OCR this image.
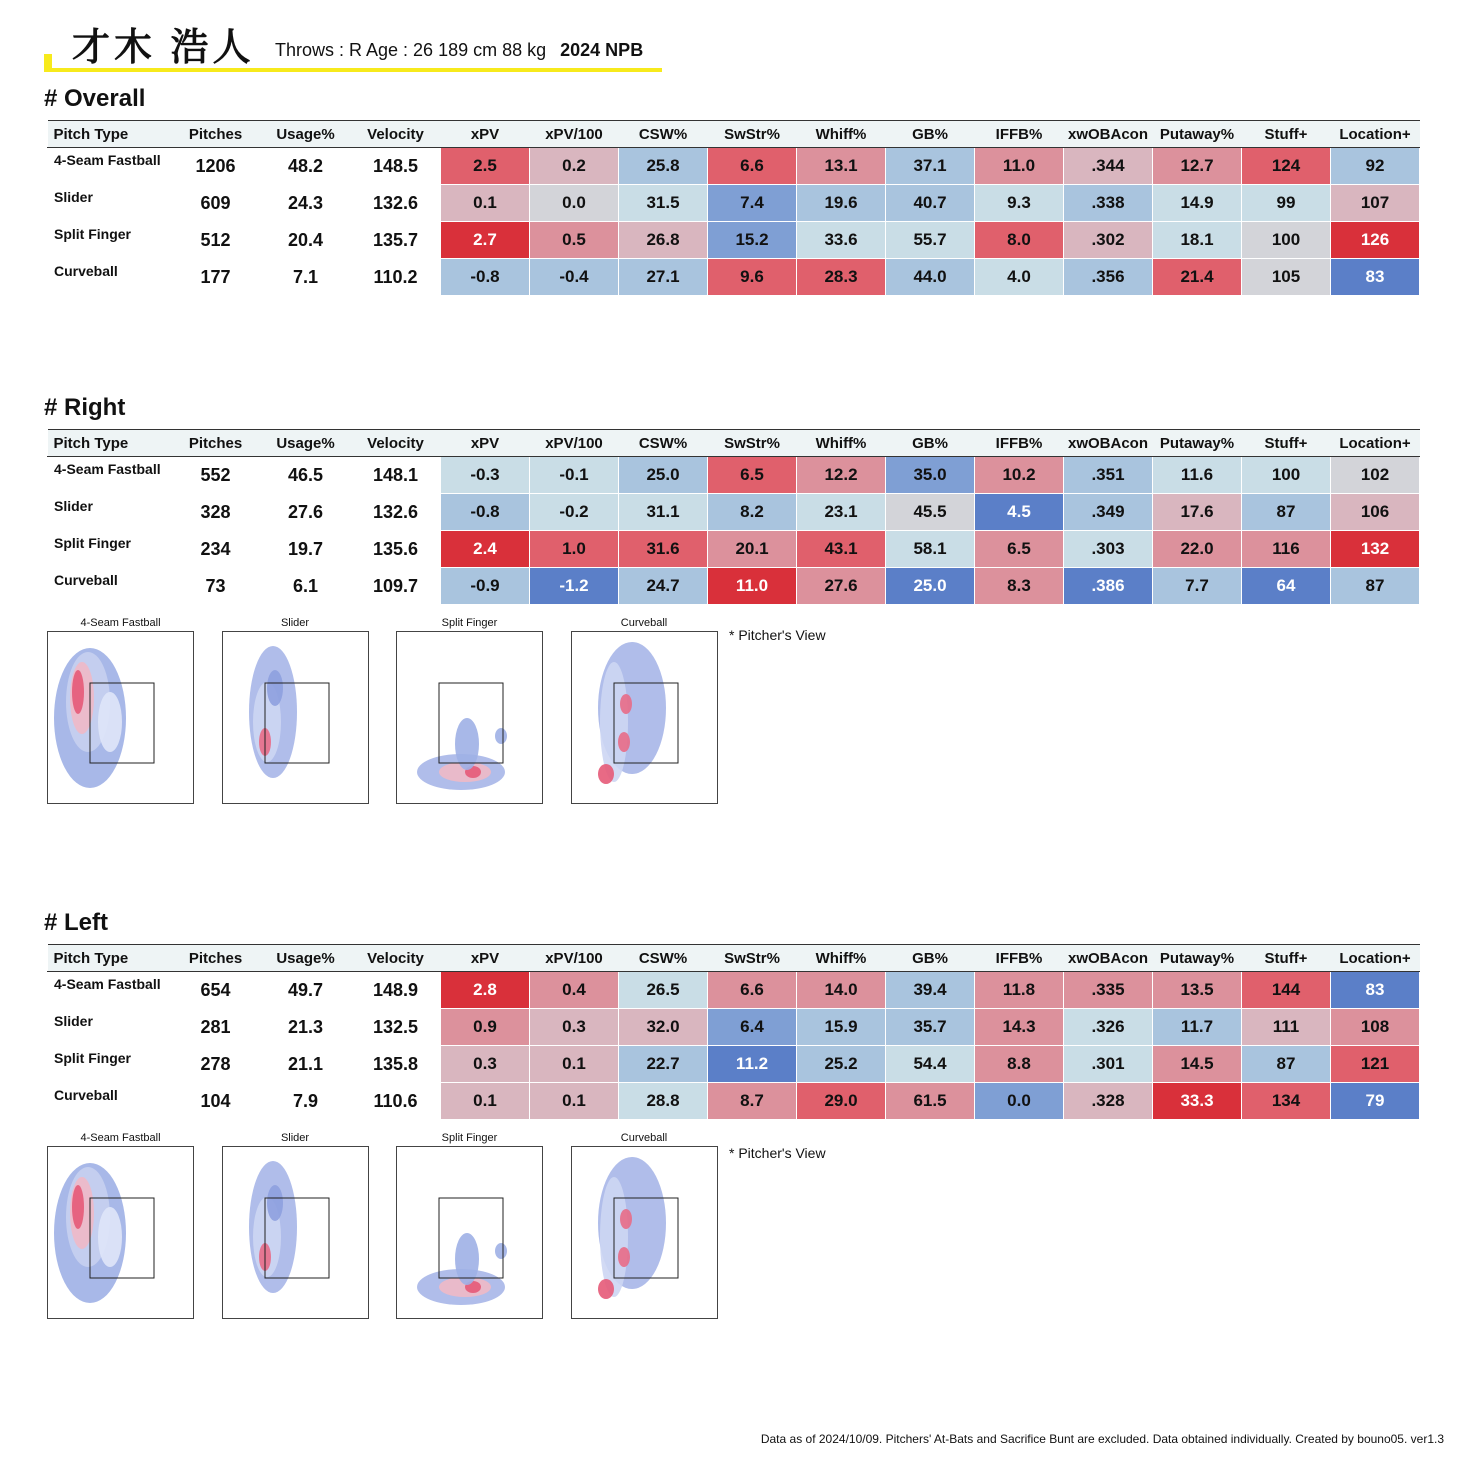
才木 浩人 Throws : R Age : 26 189 cm 88 kg 2024 NPB
# Overall
Pitch Type	Pitches	Usage%	Velocity	xPV	xPV/100	CSW%	SwStr%	Whiff%	GB%	IFFB%	xwOBAcon	Putaway%	Stuff+	Location+
4-Seam Fastball	1206	48.2	148.5	2.5	0.2	25.8	6.6	13.1	37.1	11.0	.344	12.7	124	92
Slider	609	24.3	132.6	0.1	0.0	31.5	7.4	19.6	40.7	9.3	.338	14.9	99	107
Split Finger	512	20.4	135.7	2.7	0.5	26.8	15.2	33.6	55.7	8.0	.302	18.1	100	126
Curveball	177	7.1	110.2	-0.8	-0.4	27.1	9.6	28.3	44.0	4.0	.356	21.4	105	83
# Right
Pitch Type	Pitches	Usage%	Velocity	xPV	xPV/100	CSW%	SwStr%	Whiff%	GB%	IFFB%	xwOBAcon	Putaway%	Stuff+	Location+
4-Seam Fastball	552	46.5	148.1	-0.3	-0.1	25.0	6.5	12.2	35.0	10.2	.351	11.6	100	102
Slider	328	27.6	132.6	-0.8	-0.2	31.1	8.2	23.1	45.5	4.5	.349	17.6	87	106
Split Finger	234	19.7	135.6	2.4	1.0	31.6	20.1	43.1	58.1	6.5	.303	22.0	116	132
Curveball	73	6.1	109.7	-0.9	-1.2	24.7	11.0	27.6	25.0	8.3	.386	7.7	64	87
4-Seam Fastball	Slider	Split Finger	Curveball
* Pitcher's View
# Left
Pitch Type	Pitches	Usage%	Velocity	xPV	xPV/100	CSW%	SwStr%	Whiff%	GB%	IFFB%	xwOBAcon	Putaway%	Stuff+	Location+
4-Seam Fastball	654	49.7	148.9	2.8	0.4	26.5	6.6	14.0	39.4	11.8	.335	13.5	144	83
Slider	281	21.3	132.5	0.9	0.3	32.0	6.4	15.9	35.7	14.3	.326	11.7	111	108
Split Finger	278	21.1	135.8	0.3	0.1	22.7	11.2	25.2	54.4	8.8	.301	14.5	87	121
Curveball	104	7.9	110.6	0.1	0.1	28.8	8.7	29.0	61.5	0.0	.328	33.3	134	79
4-Seam Fastball	Slider	Split Finger	Curveball
* Pitcher's View
Data as of 2024/10/09. Pitchers' At-Bats and Sacrifice Bunt are excluded. Data obtained individually. Created by bouno05. ver1.3
